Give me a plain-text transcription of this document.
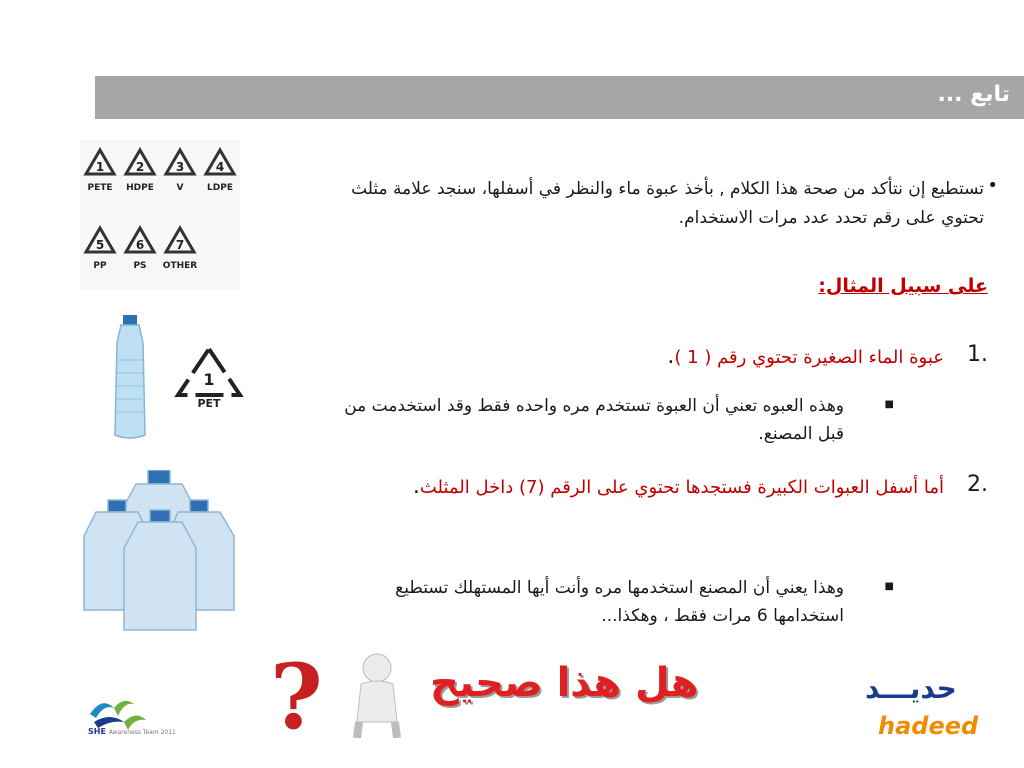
تابع ...
1
PETE
2
HDPE
3
V
4
LDPE
5
PP
6
PS
7
OTHER
•
تستطيع إن نتأكد من صحة هذا الكلام , بأخذ عبوة ماء والنظر في أسفلها، سنجد علامة مثلث تحتوي على رقم تحدد عدد مرات الاستخدام.
على سبيل المثال:
1
PET
1.
عبوة الماء الصغيرة تحتوي رقم ( 1 ).
■
وهذه العبوه تعني أن العبوة تستخدم مره واحده فقط وقد استخدمت من قبل المصنع.
2.
أما أسفل العبوات الكبيرة فستجدها تحتوي على الرقم (7) داخل المثلث.
■
وهذا يعني أن المصنع استخدمها مره وأنت أيها المستهلك تستطيع استخدامها 6 مرات فقط ، وهكذا...
?	هل هذا صحيح
SHE Awareness Team 2011
حديـــد
hadeed
